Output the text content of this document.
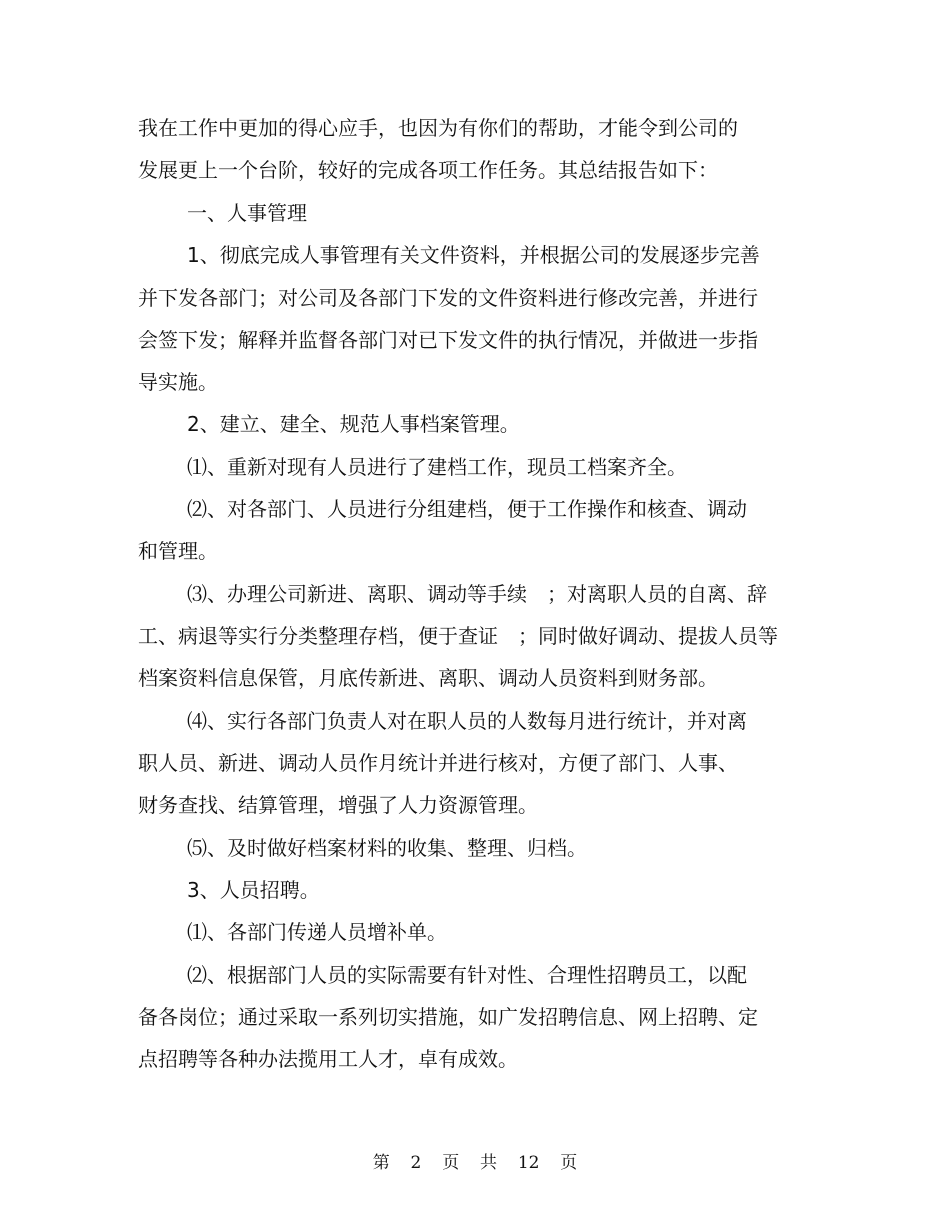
我在工作中更加的得心应手，也因为有你们的帮助，才能令到公司的
发展更上一个台阶，较好的完成各项工作任务。其总结报告如下：
一、人事管理
1、彻底完成人事管理有关文件资料，并根据公司的发展逐步完善
并下发各部门；对公司及各部门下发的文件资料进行修改完善，并进行
会签下发；解释并监督各部门对已下发文件的执行情况，并做进一步指
导实施。
2、建立、建全、规范人事档案管理。
⑴、重新对现有人员进行了建档工作，现员工档案齐全。
⑵、对各部门、人员进行分组建档，便于工作操作和核查、调动
和管理。
⑶、办理公司新进、离职、调动等手续　；对离职人员的自离、辞
工、病退等实行分类整理存档，便于查证　；同时做好调动、提拔人员等
档案资料信息保管，月底传新进、离职、调动人员资料到财务部。
⑷、实行各部门负责人对在职人员的人数每月进行统计，并对离
职人员、新进、调动人员作月统计并进行核对，方便了部门、人事、
财务查找、结算管理，增强了人力资源管理。
⑸、及时做好档案材料的收集、整理、归档。
3、人员招聘。
⑴、各部门传递人员增补单。
⑵、根据部门人员的实际需要有针对性、合理性招聘员工，以配
备各岗位；通过采取一系列切实措施，如广发招聘信息、网上招聘、定
点招聘等各种办法揽用工人才，卓有成效。
第 2 页 共 12 页
